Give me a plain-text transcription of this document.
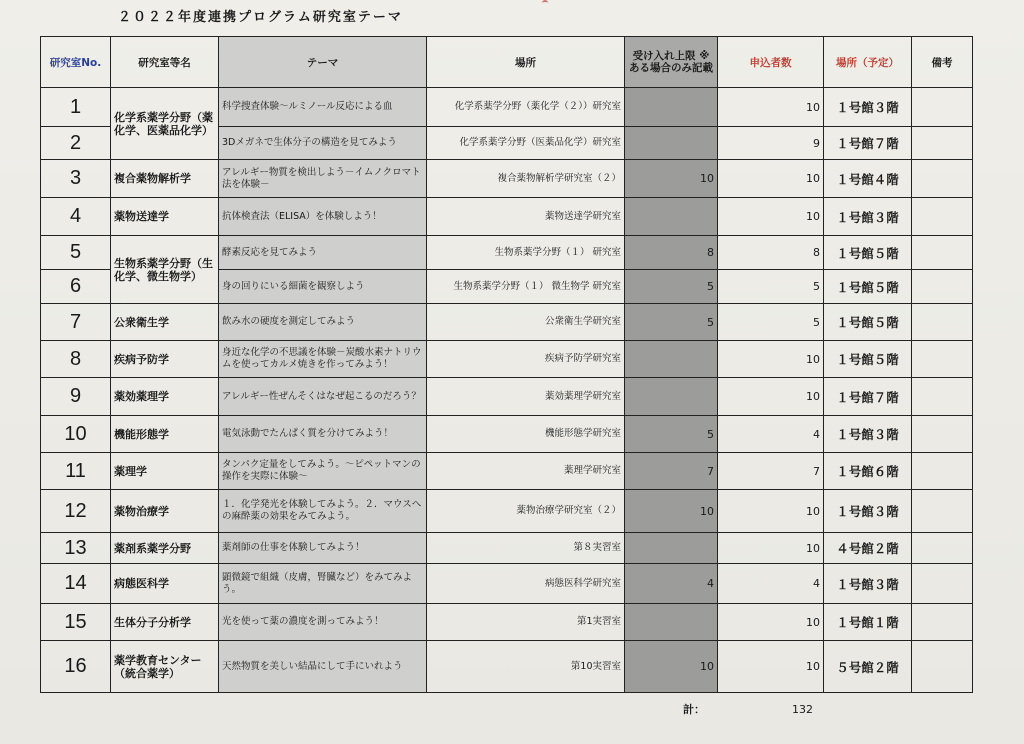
２０２２年度連携プログラム研究室テーマ
研究室No.	研究室等名	テーマ	場所	受け入れ上限 ※ある場合のみ記載	申込者数	場所（予定）	備考
1	化学系薬学分野（薬化学、医薬品化学）	科学捜査体験～ルミノール反応による血	化学系薬学分野（薬化学（２））研究室		10	１号館３階	
2		3Dメガネで生体分子の構造を見てみよう	化学系薬学分野（医薬品化学）研究室		9	１号館７階	
3	複合薬物解析学	アレルギー物質を検出しよう－イムノクロマト法を体験－	複合薬物解析学研究室（２）	10	10	１号館４階	
4	薬物送達学	抗体検査法（ELISA）を体験しよう！	薬物送達学研究室		10	１号館３階	
5	生物系薬学分野（生化学、微生物学）	酵素反応を見てみよう	生物系薬学分野（１） 研究室	8	8	１号館５階	
6		身の回りにいる細菌を観察しよう	生物系薬学分野（１） 微生物学 研究室	5	5	１号館５階	
7	公衆衛生学	飲み水の硬度を測定してみよう	公衆衛生学研究室	5	5	１号館５階	
8	疾病予防学	身近な化学の不思議を体験－炭酸水素ナトリウムを使ってカルメ焼きを作ってみよう！	疾病予防学研究室		10	１号館５階	
9	薬効薬理学	アレルギー性ぜんそくはなぜ起こるのだろう？	薬効薬理学研究室		10	１号館７階	
10	機能形態学	電気泳動でたんぱく質を分けてみよう！	機能形態学研究室	5	4	１号館３階	
11	薬理学	タンパク定量をしてみよう。～ピペットマンの操作を実際に体験～	薬理学研究室	7	7	１号館６階	
12	薬物治療学	１．化学発光を体験してみよう。２．マウスへの麻酔薬の効果をみてみよう。	薬物治療学研究室（２）	10	10	１号館３階	
13	薬剤系薬学分野	薬剤師の仕事を体験してみよう！	第８実習室		10	４号館２階	
14	病態医科学	顕微鏡で組織（皮膚，腎臓など）をみてみよう。	病態医科学研究室	4	4	１号館３階	
15	生体分子分析学	光を使って薬の濃度を測ってみよう！	第1実習室		10	１号館１階	
16	薬学教育センター（統合薬学）	天然物質を美しい結晶にして手にいれよう	第10実習室	10	10	５号館２階	
計：	132
